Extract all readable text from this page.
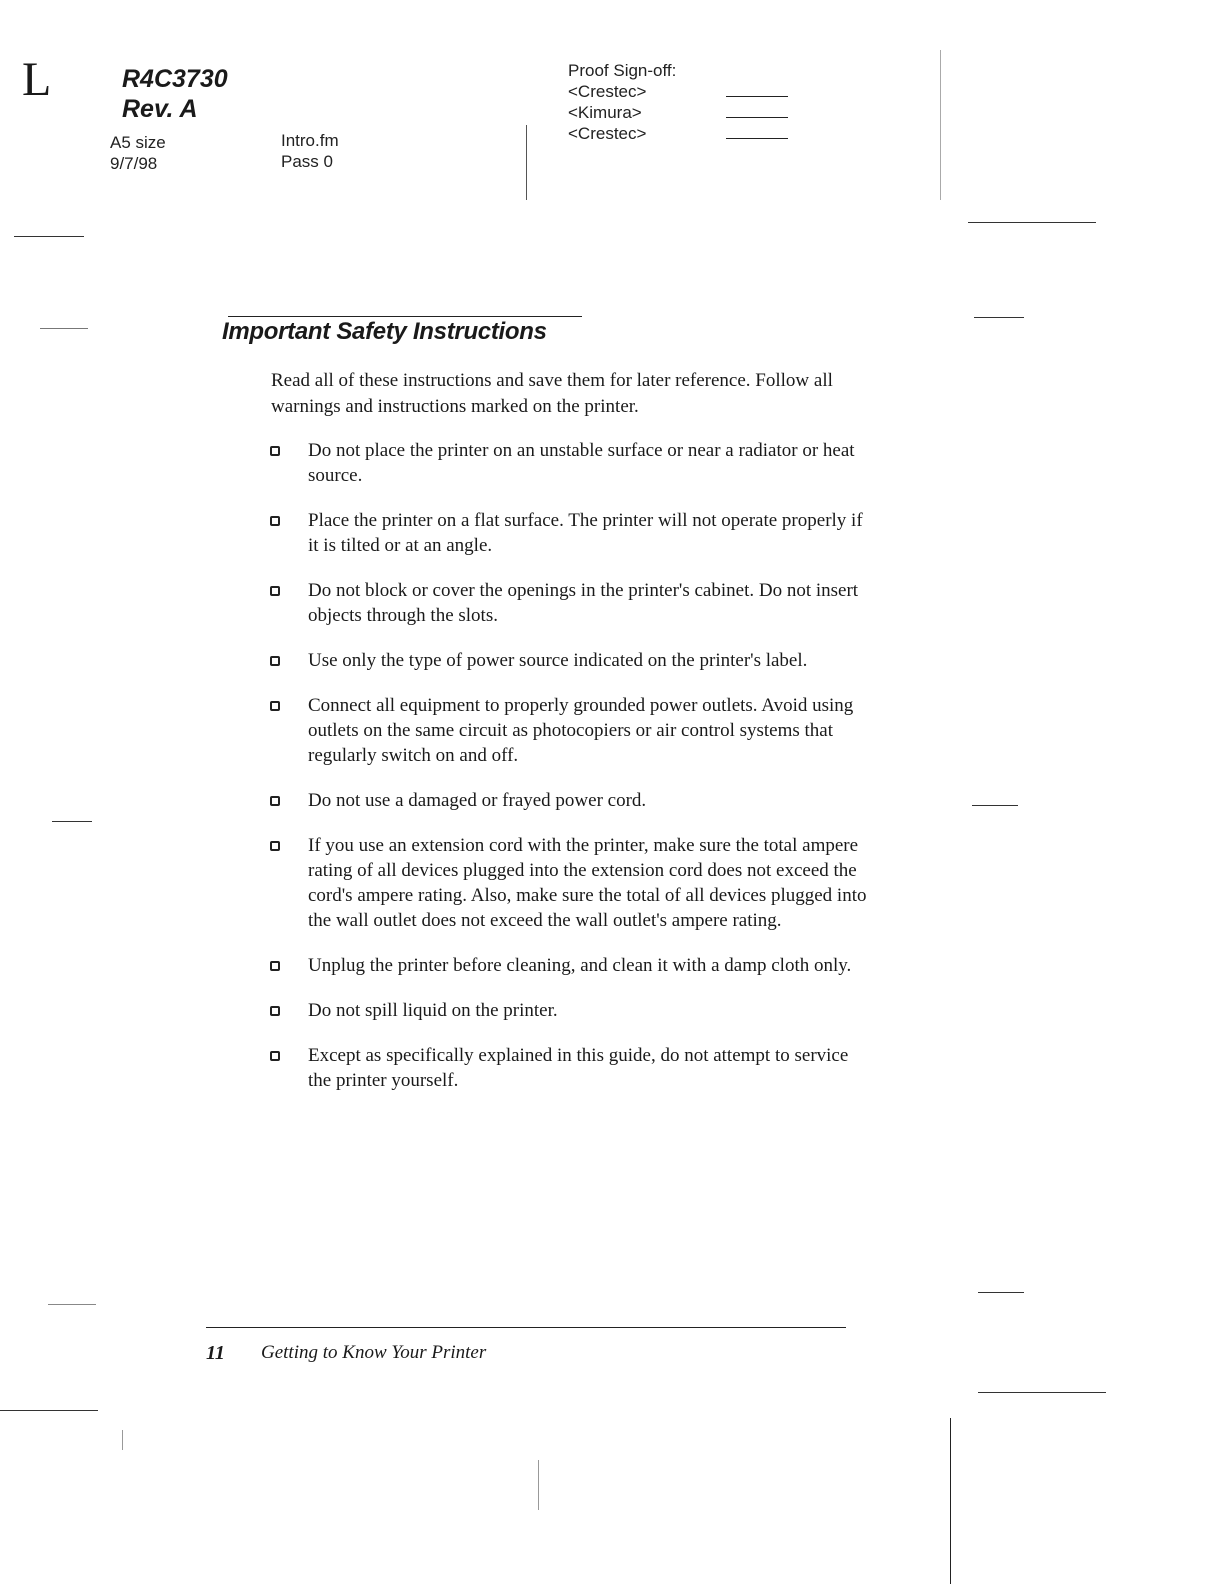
L	R4C3730
Rev. A
A5 size
9/7/98
Intro.fm
Pass 0
Proof Sign-off:
<Crestec>
<Kimura>
<Crestec>
Important Safety Instructions
Read all of these instructions and save them for later reference. Follow all warnings and instructions marked on the printer.
Do not place the printer on an unstable surface or near a radiator or heat source.
Place the printer on a flat surface. The printer will not operate properly if it is tilted or at an angle.
Do not block or cover the openings in the printer's cabinet. Do not insert objects through the slots.
Use only the type of power source indicated on the printer's label.
Connect all equipment to properly grounded power outlets. Avoid using outlets on the same circuit as photocopiers or air control systems that regularly switch on and off.
Do not use a damaged or frayed power cord.
If you use an extension cord with the printer, make sure the total ampere rating of all devices plugged into the extension cord does not exceed the cord's ampere rating. Also, make sure the total of all devices plugged into the wall outlet does not exceed the wall outlet's ampere rating.
Unplug the printer before cleaning, and clean it with a damp cloth only.
Do not spill liquid on the printer.
Except as specifically explained in this guide, do not attempt to service the printer yourself.
11 Getting to Know Your Printer
